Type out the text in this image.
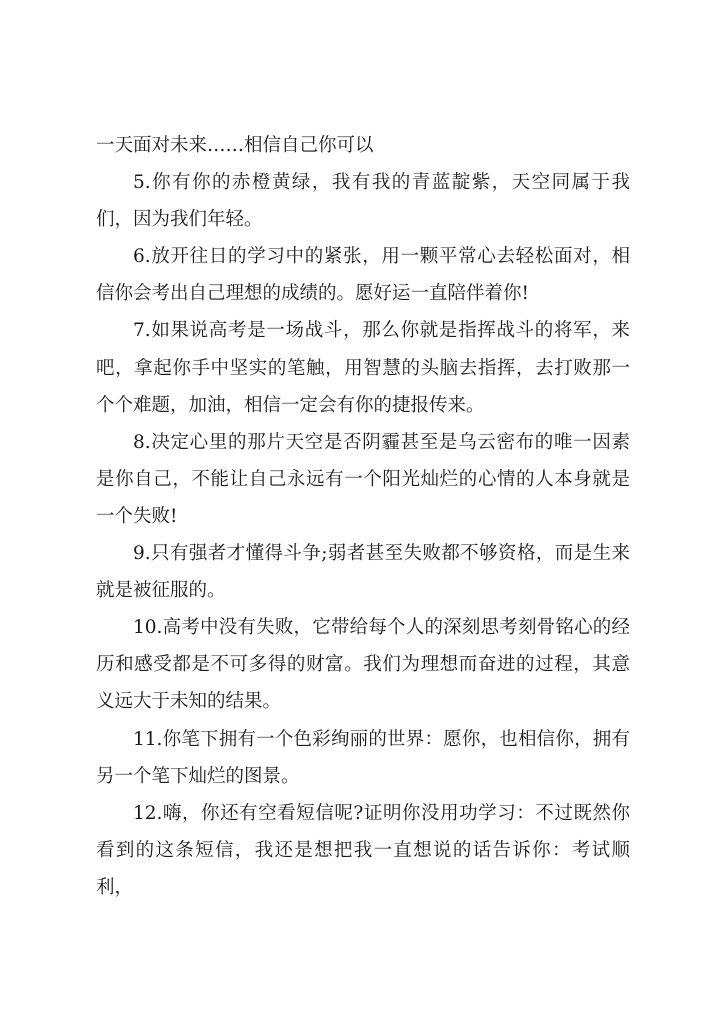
一天面对未来……相信自己你可以

5.你有你的赤橙黄绿，我有我的青蓝靛紫，天空同属于我们，因为我们年轻。

6.放开往日的学习中的紧张，用一颗平常心去轻松面对，相信你会考出自己理想的成绩的。愿好运一直陪伴着你!

7.如果说高考是一场战斗，那么你就是指挥战斗的将军，来吧，拿起你手中坚实的笔触，用智慧的头脑去指挥，去打败那一个个难题，加油，相信一定会有你的捷报传来。

8.决定心里的那片天空是否阴霾甚至是乌云密布的唯一因素是你自己，不能让自己永远有一个阳光灿烂的心情的人本身就是一个失败!

9.只有强者才懂得斗争;弱者甚至失败都不够资格，而是生来就是被征服的。

10.高考中没有失败，它带给每个人的深刻思考刻骨铭心的经历和感受都是不可多得的财富。我们为理想而奋进的过程，其意义远大于未知的结果。

11.你笔下拥有一个色彩绚丽的世界：愿你，也相信你，拥有另一个笔下灿烂的图景。

12.嗨，你还有空看短信呢?证明你没用功学习：不过既然你看到的这条短信，我还是想把我一直想说的话告诉你：考试顺利，
